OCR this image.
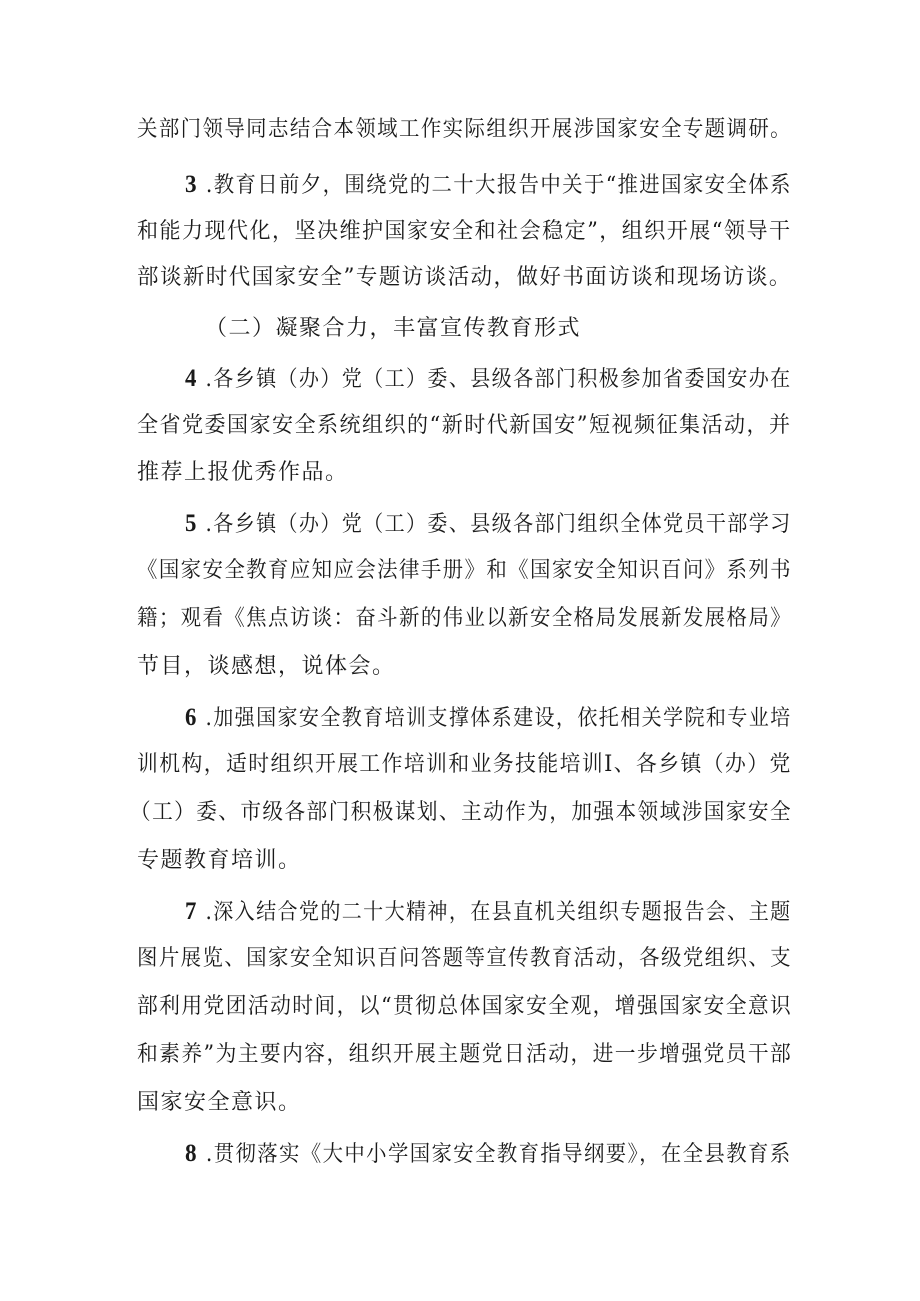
关部门领导同志结合本领域工作实际组织开展涉国家安全专题调研。
3 .教育日前夕，围绕党的二十大报告中关于“推进国家安全体系
和能力现代化，坚决维护国家安全和社会稳定”，组织开展“领导干
部谈新时代国家安全”专题访谈活动，做好书面访谈和现场访谈。
（二）凝聚合力，丰富宣传教育形式
4 .各乡镇（办）党（工）委、县级各部门积极参加省委国安办在
全省党委国家安全系统组织的“新时代新国安”短视频征集活动，并
推荐上报优秀作品。
5 .各乡镇（办）党（工）委、县级各部门组织全体党员干部学习
《国家安全教育应知应会法律手册》和《国家安全知识百问》系列书
籍；观看《焦点访谈：奋斗新的伟业以新安全格局发展新发展格局》
节目，谈感想，说体会。
6 .加强国家安全教育培训支撑体系建设，依托相关学院和专业培
训机构，适时组织开展工作培训和业务技能培训I、各乡镇（办）党
（工）委、市级各部门积极谋划、主动作为，加强本领域涉国家安全
专题教育培训。
7 .深入结合党的二十大精神，在县直机关组织专题报告会、主题
图片展览、国家安全知识百问答题等宣传教育活动，各级党组织、支
部利用党团活动时间，以“贯彻总体国家安全观，增强国家安全意识
和素养”为主要内容，组织开展主题党日活动，进一步增强党员干部
国家安全意识。
8 .贯彻落实《大中小学国家安全教育指导纲要》，在全县教育系
